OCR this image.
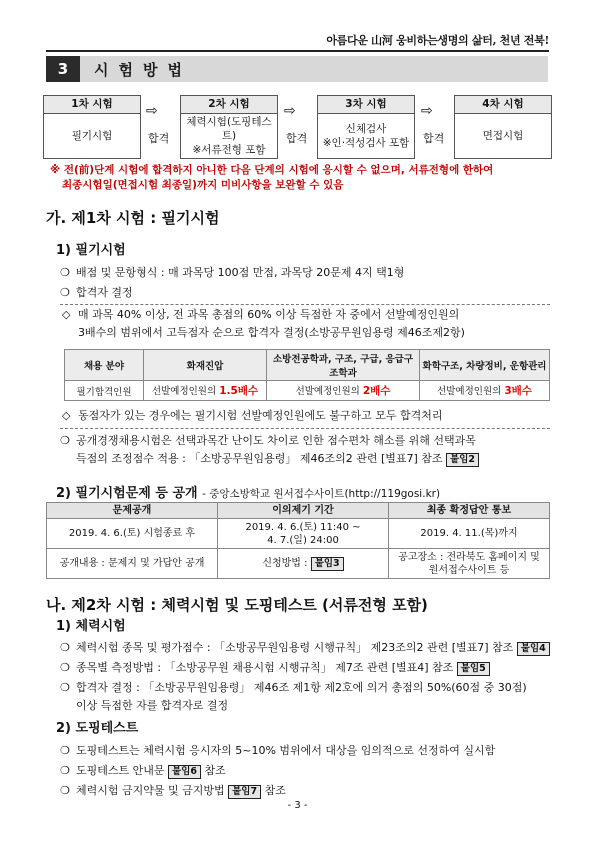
아름다운 山河 웅비하는생명의 삶터, 천년 전북!
3	시험방법
1차 시험
필기시험
⇨
합격
2차 시험
체력시험(도핑테스트)
※서류전형 포함
⇨
합격
3차 시험
신체검사
※인·적성검사 포함
⇨
합격
4차 시험
면접시험
※ 전(前)단계 시험에 합격하지 아니한 다음 단계의 시험에 응시할 수 없으며, 서류전형에 한하여
최종시험일(면접시험 최종일)까지 미비사항을 보완할 수 있음
가. 제1차 시험 : 필기시험
1) 필기시험
❍ 배점 및 문항형식 : 매 과목당 100점 만점, 과목당 20문제 4지 택1형
❍ 합격자 결정
◇ 매 과목 40% 이상, 전 과목 총점의 60% 이상 득점한 자 중에서 선발예정인원의
3배수의 범위에서 고득점자 순으로 합격자 결정(소방공무원임용령 제46조제2항)
채용 분야	화재진압	소방전공학과, 구조, 구급, 응급구조학과	화학구조, 차량정비, 운항관리
필기합격인원	선발예정인원의 1.5배수	선발예정인원의 2배수	선발예정인원의 3배수
◇ 동점자가 있는 경우에는 필기시험 선발예정인원에도 불구하고 모두 합격처리
❍ 공개경쟁채용시험은 선택과목간 난이도 차이로 인한 점수편차 해소를 위해 선택과목
득점의 조정점수 적용 : 「소방공무원임용령」 제46조의2 관련 [별표7] 참조 붙임2
2) 필기시험문제 등 공개 - 중앙소방학교 원서접수사이트(http://119gosi.kr)
문제공개	이의제기 기간	최종 확정답안 통보
2019. 4. 6.(토) 시험종료 후	2019. 4. 6.(토) 11:40 ~
4. 7.(일) 24:00	2019. 4. 11.(목)까지
공개내용 : 문제지 및 가답안 공개	신청방법 : 붙임3	공고장소 : 전라북도 홈페이지 및
원서접수사이트 등
나. 제2차 시험 : 체력시험 및 도핑테스트 (서류전형 포함)
1) 체력시험
❍ 체력시험 종목 및 평가점수 : 「소방공무원임용령 시행규칙」 제23조의2 관련 [별표7] 참조 붙임4
❍ 종목별 측정방법 : 「소방공무원 채용시험 시행규칙」 제7조 관련 [별표4] 참조 붙임5
❍ 합격자 결정 : 「소방공무원임용령」 제46조 제1항 제2호에 의거 총점의 50%(60점 중 30점)
이상 득점한 자를 합격자로 결정
2) 도핑테스트
❍ 도핑테스트는 체력시험 응시자의 5~10% 범위에서 대상을 임의적으로 선정하여 실시함
❍ 도핑테스트 안내문 붙임6 참조
❍ 체력시험 금지약물 및 금지방법 붙임7 참조
- 3 -
